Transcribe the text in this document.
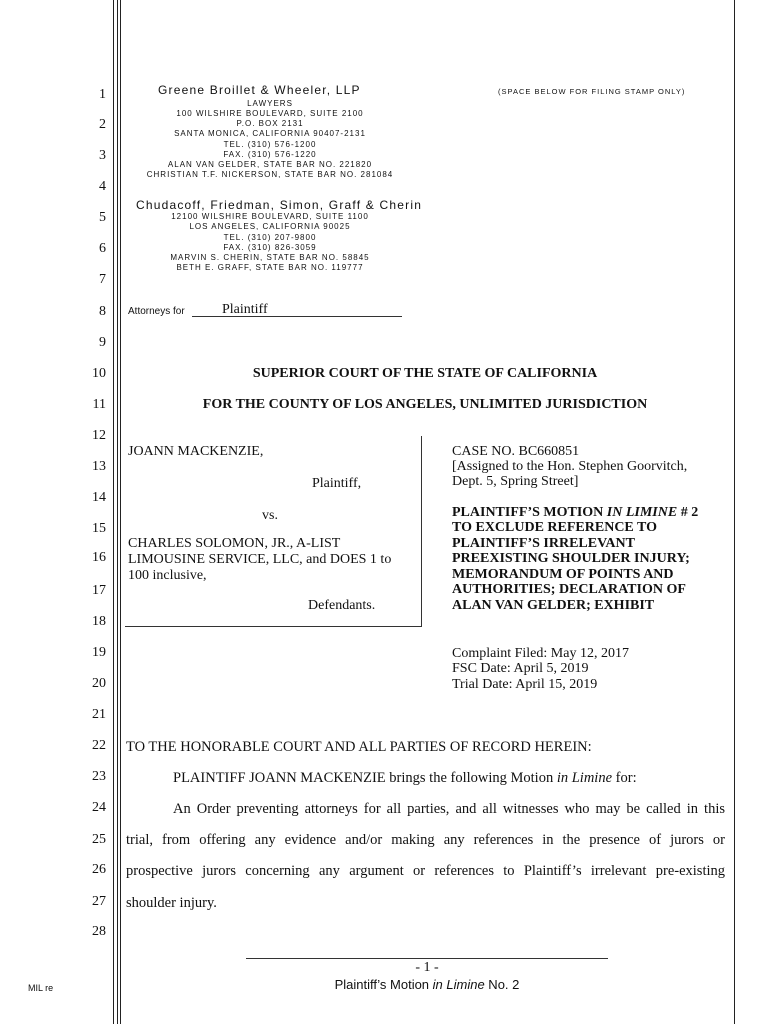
1
2
3
4
5
6
7
8
9
10
11
12
13
14
15
16
17
18
19
20
21
22
23
24
25
26
27
28
Greene Broillet & Wheeler, LLP
LAWYERS
100 WILSHIRE BOULEVARD, SUITE 2100
P.O. BOX 2131
SANTA MONICA, CALIFORNIA 90407-2131
TEL. (310) 576-1200
FAX. (310) 576-1220
ALAN VAN GELDER, STATE BAR NO. 221820
CHRISTIAN T.F. NICKERSON, STATE BAR NO. 281084
(SPACE BELOW FOR FILING STAMP ONLY)
Chudacoff, Friedman, Simon, Graff & Cherin
12100 WILSHIRE BOULEVARD, SUITE 1100
LOS ANGELES, CALIFORNIA 90025
TEL. (310) 207-9800
FAX. (310) 826-3059
MARVIN S. CHERIN, STATE BAR NO. 58845
BETH E. GRAFF, STATE BAR NO. 119777
Attorneys for	Plaintiff
SUPERIOR COURT OF THE STATE OF CALIFORNIA
FOR THE COUNTY OF LOS ANGELES, UNLIMITED JURISDICTION
JOANN MACKENZIE,
Plaintiff,
vs.
CHARLES SOLOMON, JR., A-LIST
LIMOUSINE SERVICE, LLC, and DOES 1 to
100 inclusive,
Defendants.
CASE NO. BC660851
[Assigned to the Hon. Stephen Goorvitch,
Dept. 5, Spring Street]
PLAINTIFF’S MOTION IN LIMINE # 2
TO EXCLUDE REFERENCE TO
PLAINTIFF’S IRRELEVANT
PREEXISTING SHOULDER INJURY;
MEMORANDUM OF POINTS AND
AUTHORITIES; DECLARATION OF
ALAN VAN GELDER; EXHIBIT
Complaint Filed: May 12, 2017
FSC Date: April 5, 2019
Trial Date: April 15, 2019
TO THE HONORABLE COURT AND ALL PARTIES OF RECORD HEREIN:
PLAINTIFF JOANN MACKENZIE brings the following Motion in Limine for:
An Order preventing attorneys for all parties, and all witnesses who may be called in this
trial, from offering any evidence and/or making any references in the presence of jurors or
prospective jurors concerning any argument or references to Plaintiff’s irrelevant pre-existing
shoulder injury.
- 1 -
Plaintiff’s Motion in Limine No. 2
MIL re
